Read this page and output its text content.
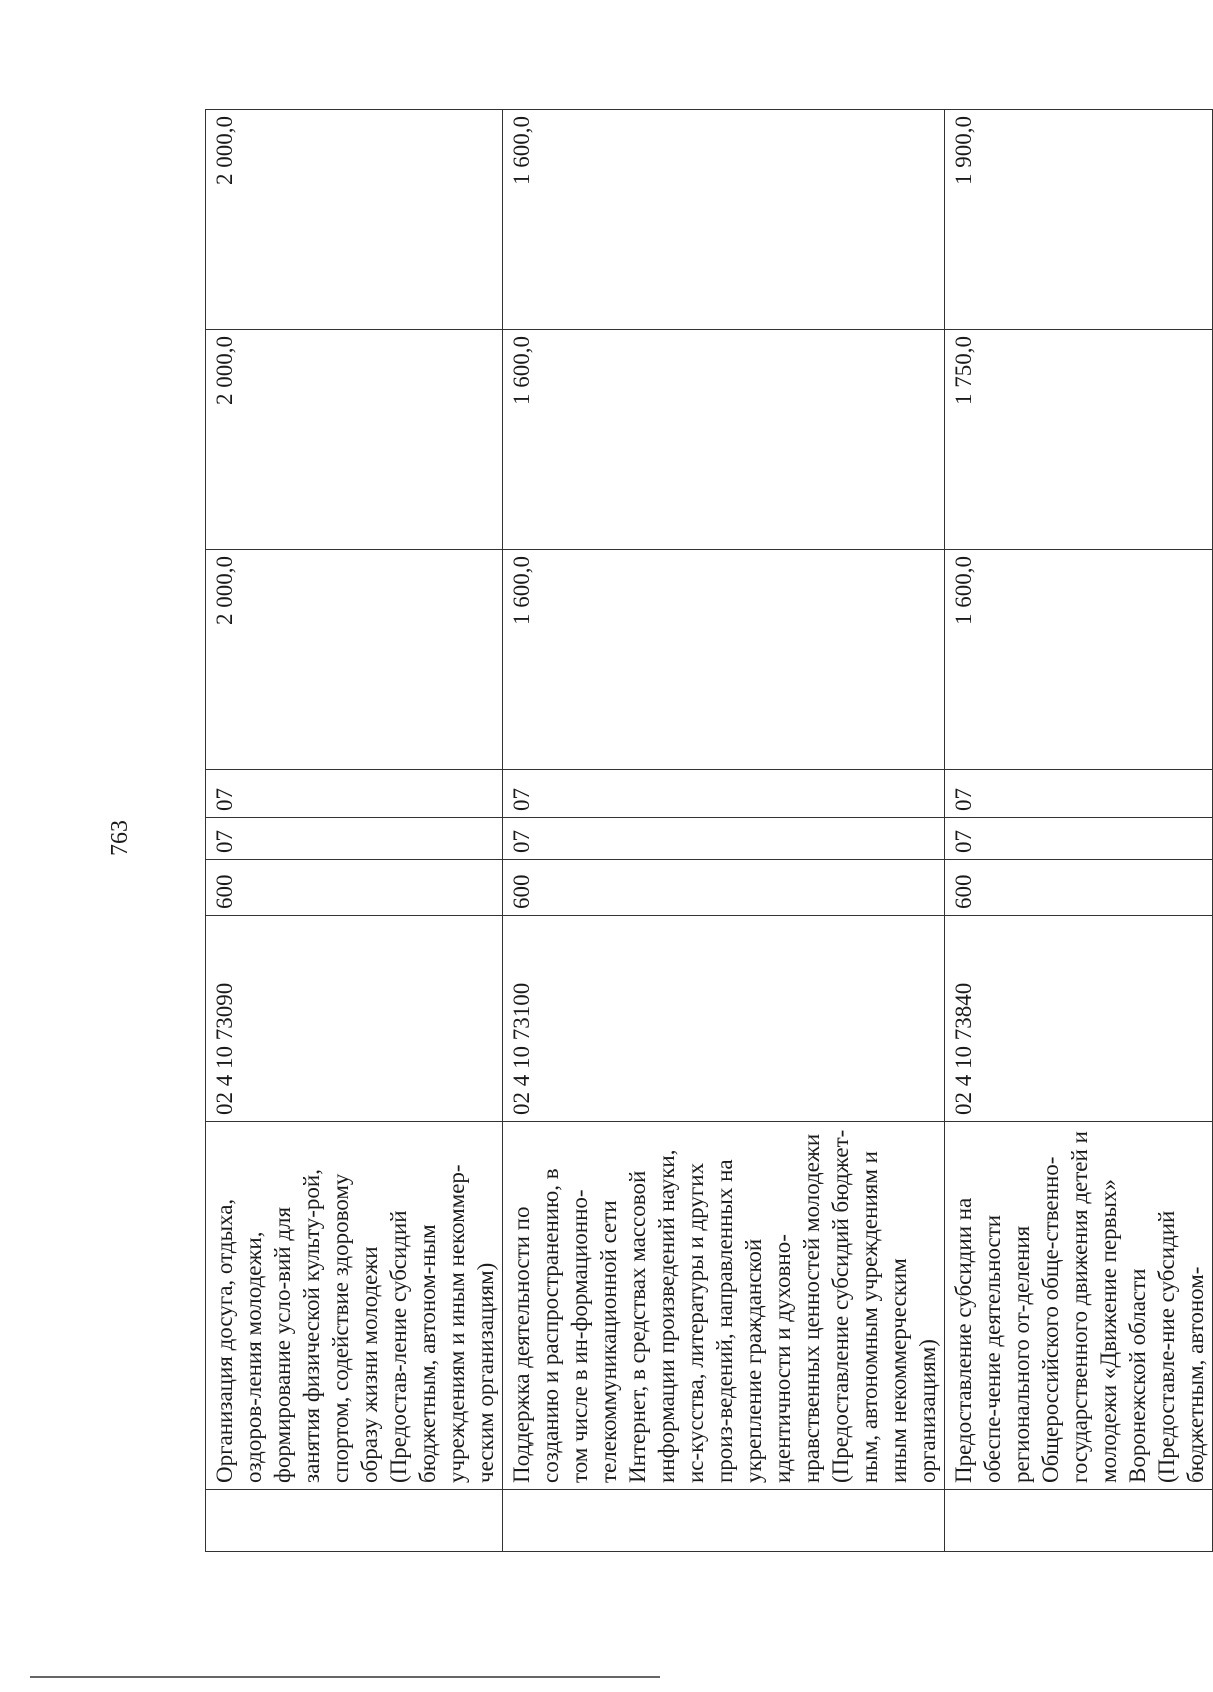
763

	Организация досуга, отдыха, оздоров-ления молодежи, формирование усло-вий для занятия физической культу-рой, спортом, содействие здоровому образу жизни молодежи (Предостав-ление субсидий бюджетным, автоном-ным учреждениям и иным некоммер-ческим организациям)	02 4 10 73090	600	07	07	2 000,0	2 000,0	2 000,0

	Поддержка деятельности по созданию и распространению, в том числе в ин-формационно-телекоммуникационной сети Интернет, в средствах массовой информации произведений науки, ис-кусства, литературы и других произ-ведений, направленных на укрепление гражданской идентичности и духовно-нравственных ценностей молодежи (Предоставление субсидий бюджет-ным, автономным учреждениям и иным некоммерческим организациям)	02 4 10 73100	600	07	07	1 600,0	1 600,0	1 600,0

	Предоставление субсидии на обеспе-чение деятельности регионального от-деления Общероссийского обще-ственно-государственного движения детей и молодежи «Движение первых» Воронежской области (Предоставле-ние субсидий бюджетным, автоном-	02 4 10 73840	600	07	07	1 600,0	1 750,0	1 900,0
